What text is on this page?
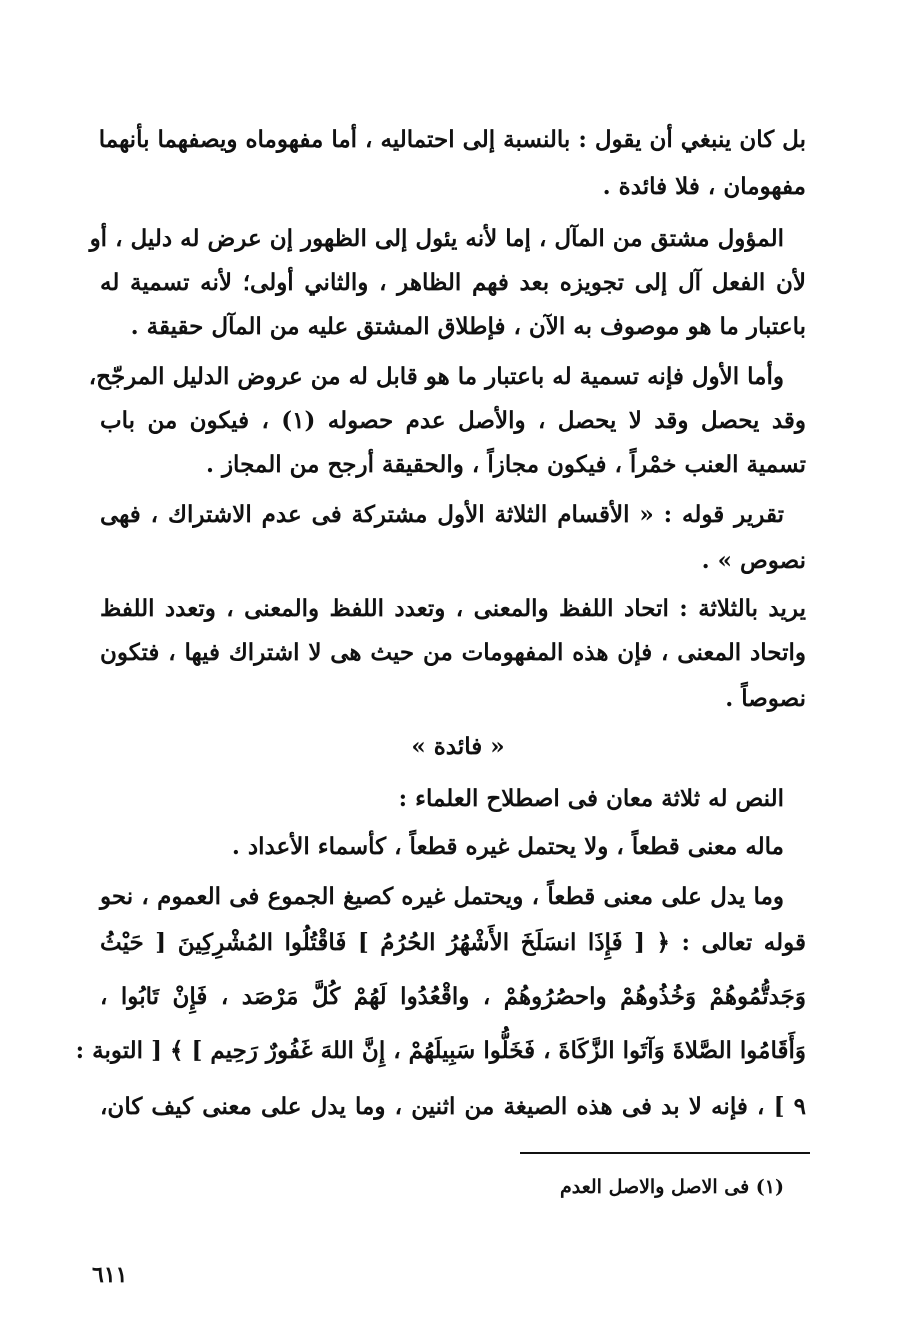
بل كان ينبغي أن يقول : بالنسبة إلى احتماليه ، أما مفهوماه ويصفهما بأنهما
مفهومان ، فلا فائدة .
المؤول مشتق من المآل ، إما لأنه يئول إلى الظهور إن عرض له دليل ، أو
لأن الفعل آل إلى تجويزه بعد فهم الظاهر ، والثاني أولى؛ لأنه تسمية له
باعتبار ما هو موصوف به الآن ، فإطلاق المشتق عليه من المآل حقيقة .
وأما الأول فإنه تسمية له باعتبار ما هو قابل له من عروض الدليل المرجّح،
وقد يحصل وقد لا يحصل ، والأصل عدم حصوله (١) ، فيكون من باب
تسمية العنب خمْراً ، فيكون مجازاً ، والحقيقة أرجح من المجاز .
تقرير قوله : « الأقسام الثلاثة الأول مشتركة فى عدم الاشتراك ، فهى
نصوص » .
يريد بالثلاثة : اتحاد اللفظ والمعنى ، وتعدد اللفظ والمعنى ، وتعدد اللفظ
واتحاد المعنى ، فإن هذه المفهومات من حيث هى لا اشتراك فيها ، فتكون
نصوصاً .
« فائدة »
النص له ثلاثة معان فى اصطلاح العلماء :
ماله معنى قطعاً ، ولا يحتمل غيره قطعاً ، كأسماء الأعداد .
وما يدل على معنى قطعاً ، ويحتمل غيره كصيغ الجموع فى العموم ، نحو
قوله تعالى : ﴿ [ فَإِذَا انسَلَخَ الأَشْهُرُ الحُرُمُ ] فَاقْتُلُوا المُشْرِكِينَ [ حَيْثُ
وَجَدتُّمُوهُمْ وَخُذُوهُمْ واحصُرُوهُمْ ، واقْعُدُوا لَهُمْ كُلَّ مَرْصَد ، فَإِنْ تَابُوا ،
وَأَقَامُوا الصَّلاةَ وَآتَوا الزَّكَاةَ ، فَخَلُّوا سَبِيلَهُمْ ، إِنَّ اللهَ غَفُورٌ رَحِيم ] ﴾ [ التوبة :
٩ ] ، فإنه لا بد فى هذه الصيغة من اثنين ، وما يدل على معنى كيف كان،
(١) فى الاصل والاصل العدم
٦١١
